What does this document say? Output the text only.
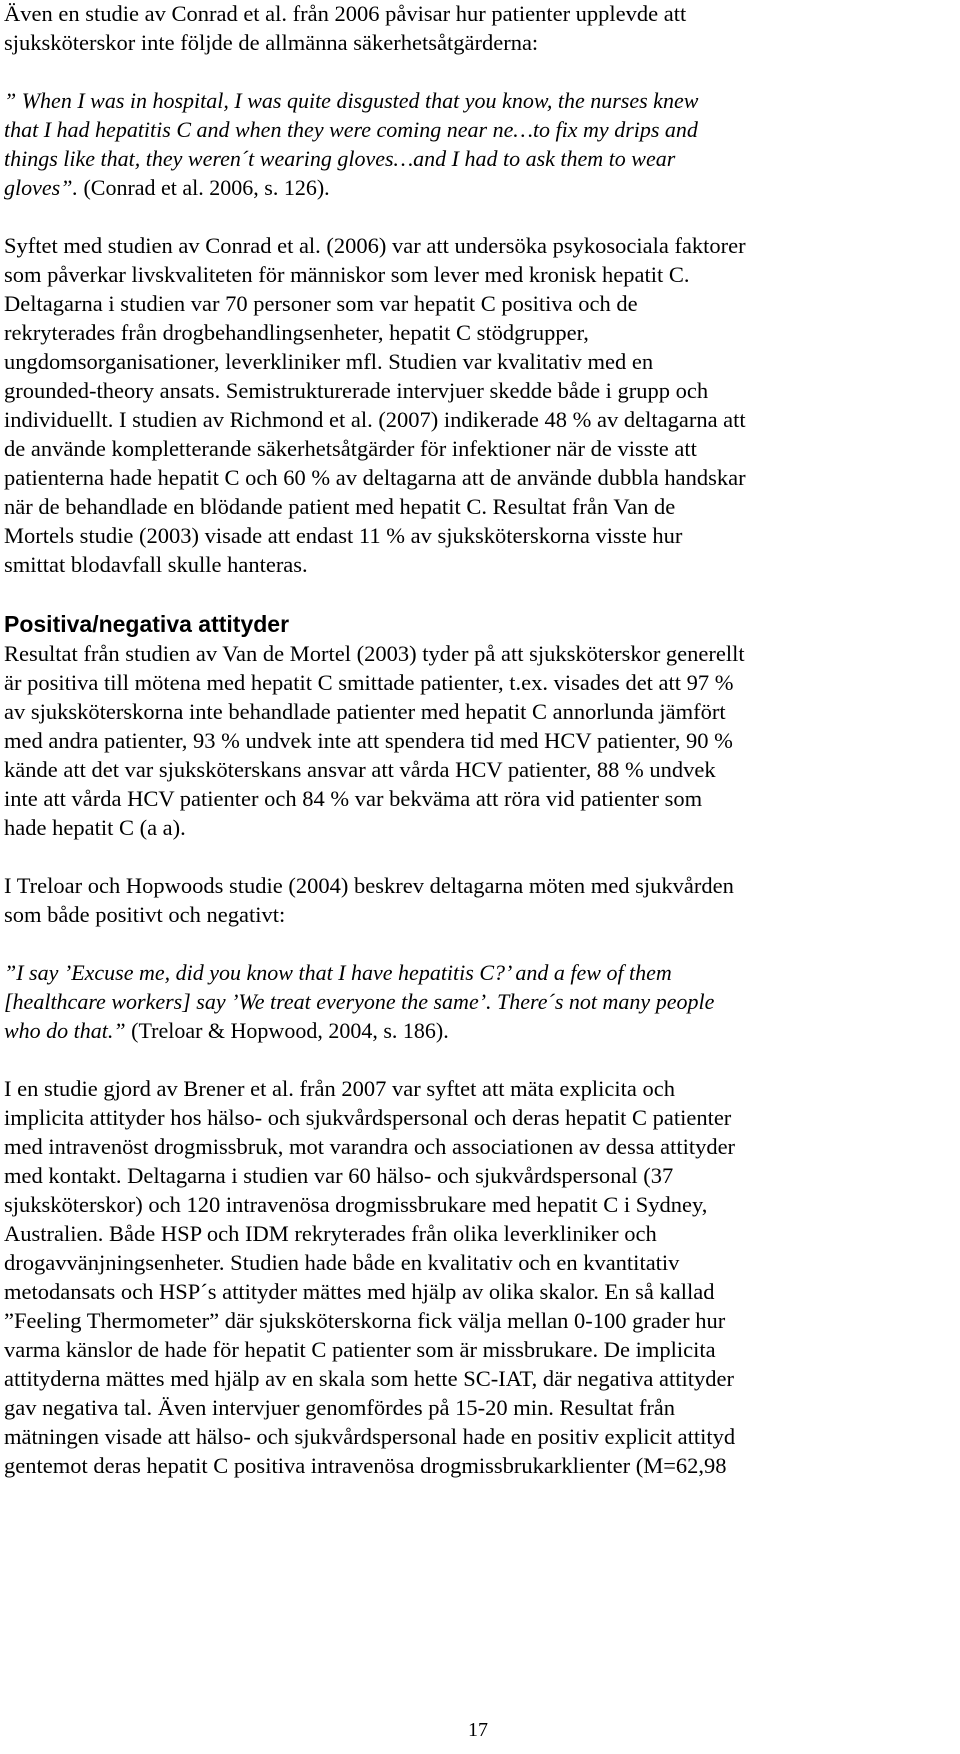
Även en studie av Conrad et al. från 2006 påvisar hur patienter upplevde att
sjuksköterskor inte följde de allmänna säkerhetsåtgärderna:
” When I was in hospital, I was quite disgusted that you know, the nurses knew
that I had hepatitis C and when they were coming near ne…to fix my drips and
things like that, they weren´t wearing gloves…and I had to ask them to wear
gloves”. (Conrad et al. 2006, s. 126).
Syftet med studien av Conrad et al. (2006) var att undersöka psykosociala faktorer
som påverkar livskvaliteten för människor som lever med kronisk hepatit C.
Deltagarna i studien var 70 personer som var hepatit C positiva och de
rekryterades från drogbehandlingsenheter, hepatit C stödgrupper,
ungdomsorganisationer, leverkliniker mfl. Studien var kvalitativ med en
grounded-theory ansats. Semistrukturerade intervjuer skedde både i grupp och
individuellt. I studien av Richmond et al. (2007) indikerade 48 % av deltagarna att
de använde kompletterande säkerhetsåtgärder för infektioner när de visste att
patienterna hade hepatit C och 60 % av deltagarna att de använde dubbla handskar
när de behandlade en blödande patient med hepatit C. Resultat från Van de
Mortels studie (2003) visade att endast 11 % av sjuksköterskorna visste hur
smittat blodavfall skulle hanteras.
Positiva/negativa attityder
Resultat från studien av Van de Mortel (2003) tyder på att sjuksköterskor generellt
är positiva till mötena med hepatit C smittade patienter, t.ex. visades det att 97 %
av sjuksköterskorna inte behandlade patienter med hepatit C annorlunda jämfört
med andra patienter, 93 % undvek inte att spendera tid med HCV patienter, 90 %
kände att det var sjuksköterskans ansvar att vårda HCV patienter, 88 % undvek
inte att vårda HCV patienter och 84 % var bekväma att röra vid patienter som
hade hepatit C (a a).
I Treloar och Hopwoods studie (2004) beskrev deltagarna möten med sjukvården
som både positivt och negativt:
”I say ’Excuse me, did you know that I have hepatitis C?’ and a few of them
[healthcare workers] say ’We treat everyone the same’. There´s not many people
who do that.” (Treloar & Hopwood, 2004, s. 186).
I en studie gjord av Brener et al. från 2007 var syftet att mäta explicita och
implicita attityder hos hälso- och sjukvårdspersonal och deras hepatit C patienter
med intravenöst drogmissbruk, mot varandra och associationen av dessa attityder
med kontakt. Deltagarna i studien var 60 hälso- och sjukvårdspersonal (37
sjuksköterskor) och 120 intravenösa drogmissbrukare med hepatit C i Sydney,
Australien. Både HSP och IDM rekryterades från olika leverkliniker och
drogavvänjningsenheter. Studien hade både en kvalitativ och en kvantitativ
metodansats och HSP´s attityder mättes med hjälp av olika skalor. En så kallad
”Feeling Thermometer” där sjuksköterskorna fick välja mellan 0-100 grader hur
varma känslor de hade för hepatit C patienter som är missbrukare. De implicita
attityderna mättes med hjälp av en skala som hette SC-IAT, där negativa attityder
gav negativa tal. Även intervjuer genomfördes på 15-20 min. Resultat från
mätningen visade att hälso- och sjukvårdspersonal hade en positiv explicit attityd
gentemot deras hepatit C positiva intravenösa drogmissbrukarklienter (M=62,98
17
